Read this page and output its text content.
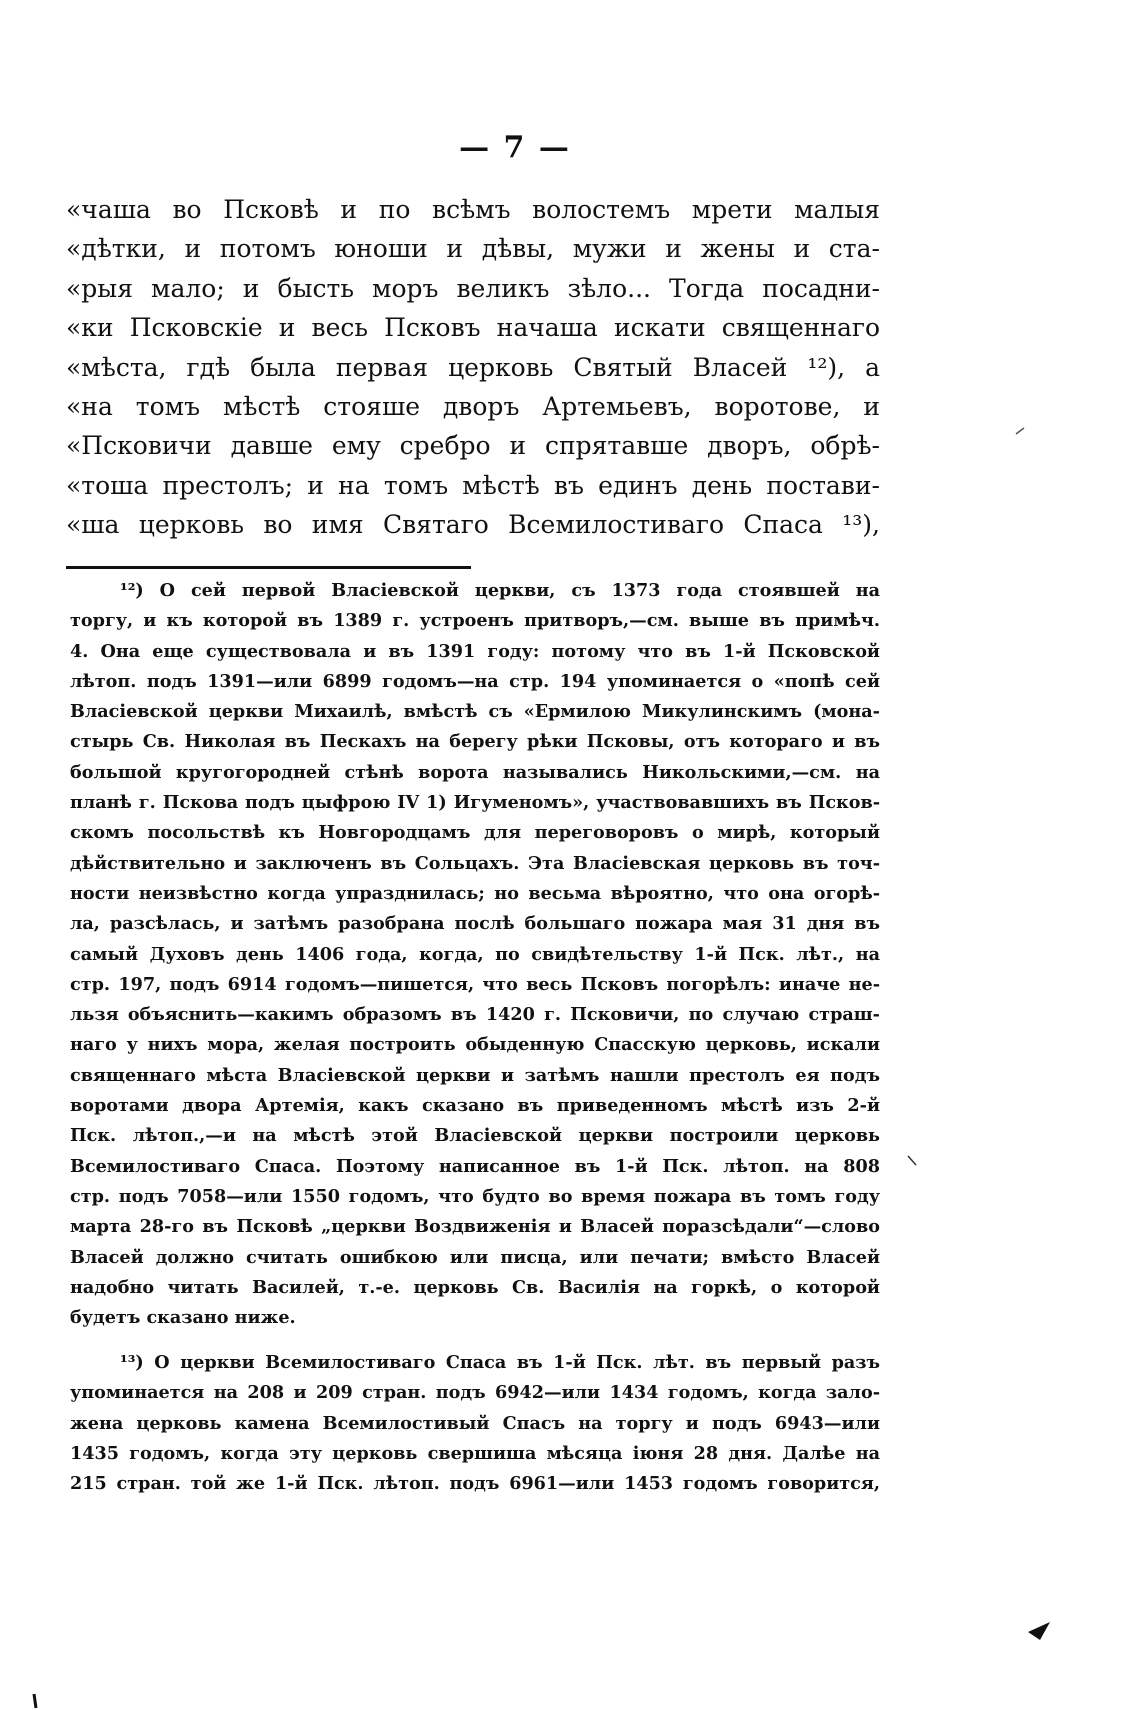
— 7 —
«чаша во Псковѣ и по всѣмъ волостемъ мрети малыя
«дѣтки, и потомъ юноши и дѣвы, мужи и жены и ста-
«рыя мало; и бысть моръ великъ зѣло... Тогда посадни-
«ки Псковскіе и весь Псковъ начаша искати священнаго
«мѣста, гдѣ была первая церковь Святый Власей ¹²), а
«на томъ мѣстѣ стояше дворъ Артемьевъ, воротове, и
«Псковичи давше ему сребро и спрятавше дворъ, обрѣ-
«тоша престолъ; и на томъ мѣстѣ въ единъ день постави-
«ша церковь во имя Святаго Всемилостиваго Спаса ¹³),
¹²) О сей первой Власіевской церкви, съ 1373 года стоявшей на
торгу, и къ которой въ 1389 г. устроенъ притворъ,—см. выше въ примѣч.
4. Она еще существовала и въ 1391 году: потому что въ 1-й Псковской
лѣтоп. подъ 1391—или 6899 годомъ—на стр. 194 упоминается о «попѣ сей
Власіевской церкви Михаилѣ, вмѣстѣ съ «Ермилою Микулинскимъ (мона-
стырь Св. Николая въ Пескахъ на берегу рѣки Псковы, отъ котораго и въ
большой кругогородней стѣнѣ ворота назывались Никольскими,—см. на
планѣ г. Пскова подъ цыфрою IV 1) Игуменомъ», участвовавшихъ въ Псков-
скомъ посольствѣ къ Новгородцамъ для переговоровъ о мирѣ, который
дѣйствительно и заключенъ въ Сольцахъ. Эта Власіевская церковь въ точ-
ности неизвѣстно когда упразднилась; но весьма вѣроятно, что она огорѣ-
ла, разсѣлась, и затѣмъ разобрана послѣ большаго пожара мая 31 дня въ
самый Духовъ день 1406 года, когда, по свидѣтельству 1-й Пск. лѣт., на
стр. 197, подъ 6914 годомъ—пишется, что весь Псковъ погорѣлъ: иначе не-
льзя объяснить—какимъ образомъ въ 1420 г. Псковичи, по случаю страш-
наго у нихъ мора, желая построить обыденную Спасскую церковь, искали
священнаго мѣста Власіевской церкви и затѣмъ нашли престолъ ея подъ
воротами двора Артемія, какъ сказано въ приведенномъ мѣстѣ изъ 2-й
Пск. лѣтоп.,—и на мѣстѣ этой Власіевской церкви построили церковь
Всемилостиваго Спаса. Поэтому написанное въ 1-й Пск. лѣтоп. на 808
стр. подъ 7058—или 1550 годомъ, что будто во время пожара въ томъ году
марта 28-го въ Псковѣ „церкви Воздвиженія и Власей поразсѣдали“—слово
Власей должно считать ошибкою или писца, или печати; вмѣсто Власей
надобно читать Василей, т.-е. церковь Св. Василія на горкѣ, о которой
будетъ сказано ниже.
¹³) О церкви Всемилостиваго Спаса въ 1-й Пск. лѣт. въ первый разъ
упоминается на 208 и 209 стран. подъ 6942—или 1434 годомъ, когда зало-
жена церковь камена Всемилостивый Спасъ на торгу и подъ 6943—или
1435 годомъ, когда эту церковь свершиша мѣсяца іюня 28 дня. Далѣе на
215 стран. той же 1-й Пск. лѣтоп. подъ 6961—или 1453 годомъ говорится,
